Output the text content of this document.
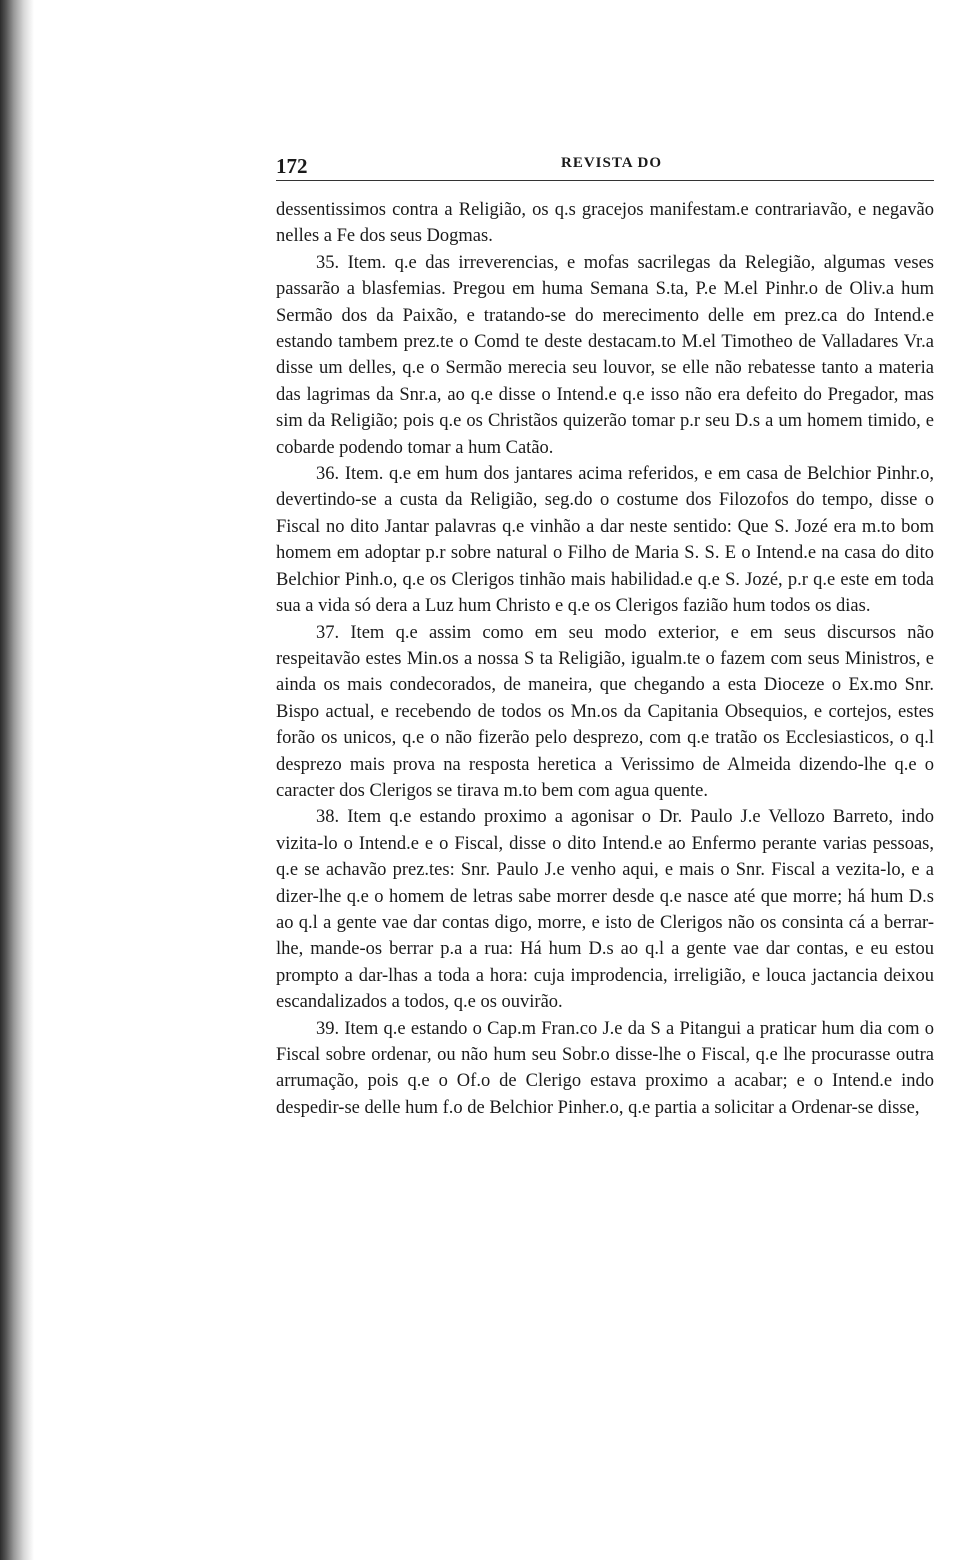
172	REVISTA DO

dessentissimos contra a Religião, os q.s gracejos manifestam.e contrariavão, e negavão nelles a Fe dos seus Dogmas.

35. Item. q.e das irreverencias, e mofas sacrilegas da Relegião, algumas veses passarão a blasfemias. Pregou em huma Semana S.ta, P.e M.el Pinhr.o de Oliv.a hum Sermão dos da Paixão, e tratando-se do merecimento delle em prez.ca do Intend.e estando tambem prez.te o Comd te deste destacam.to M.el Timotheo de Valladares Vr.a disse um delles, q.e o Sermão merecia seu louvor, se elle não rebatesse tanto a materia das lagrimas da Snr.a, ao q.e disse o Intend.e q.e isso não era defeito do Pregador, mas sim da Religião; pois q.e os Christãos quizerão tomar p.r seu D.s a um homem timido, e cobarde podendo tomar a hum Catão.

36. Item. q.e em hum dos jantares acima referidos, e em casa de Belchior Pinhr.o, devertindo-se a custa da Religião, seg.do o costume dos Filozofos do tempo, disse o Fiscal no dito Jantar palavras q.e vinhão a dar neste sentido: Que S. Jozé era m.to bom homem em adoptar p.r sobre natural o Filho de Maria S. S. E o Intend.e na casa do dito Belchior Pinh.o, q.e os Clerigos tinhão mais habilidad.e q.e S. Jozé, p.r q.e este em toda sua a vida só dera a Luz hum Christo e q.e os Clerigos fazião hum todos os dias.

37. Item q.e assim como em seu modo exterior, e em seus discursos não respeitavão estes Min.os a nossa S ta Religião, igualm.te o fazem com seus Ministros, e ainda os mais condecorados, de maneira, que chegando a esta Dioceze o Ex.mo Snr. Bispo actual, e recebendo de todos os Mn.os da Capitania Obsequios, e cortejos, estes forão os unicos, q.e o não fizerão pelo desprezo, com q.e tratão os Ecclesiasticos, o q.l desprezo mais prova na resposta heretica a Verissimo de Almeida dizendo-lhe q.e o caracter dos Clerigos se tirava m.to bem com agua quente.

38. Item q.e estando proximo a agonisar o Dr. Paulo J.e Vellozo Barreto, indo vizita-lo o Intend.e e o Fiscal, disse o dito Intend.e ao Enfermo perante varias pessoas, q.e se achavão prez.tes: Snr. Paulo J.e venho aqui, e mais o Snr. Fiscal a vezita-lo, e a dizer-lhe q.e o homem de letras sabe morrer desde q.e nasce até que morre; há hum D.s ao q.l a gente vae dar contas digo, morre, e isto de Clerigos não os consinta cá a berrar-lhe, mande-os berrar p.a a rua: Há hum D.s ao q.l a gente vae dar contas, e eu estou prompto a dar-lhas a toda a hora: cuja improdencia, irreligião, e louca jactancia deixou escandalizados a todos, q.e os ouvirão.

39. Item q.e estando o Cap.m Fran.co J.e da S a Pitangui a praticar hum dia com o Fiscal sobre ordenar, ou não hum seu Sobr.o disse-lhe o Fiscal, q.e lhe procurasse outra arrumação, pois q.e o Of.o de Clerigo estava proximo a acabar; e o Intend.e indo despedir-se delle hum f.o de Belchior Pinher.o, q.e partia a solicitar a Ordenar-se disse,
